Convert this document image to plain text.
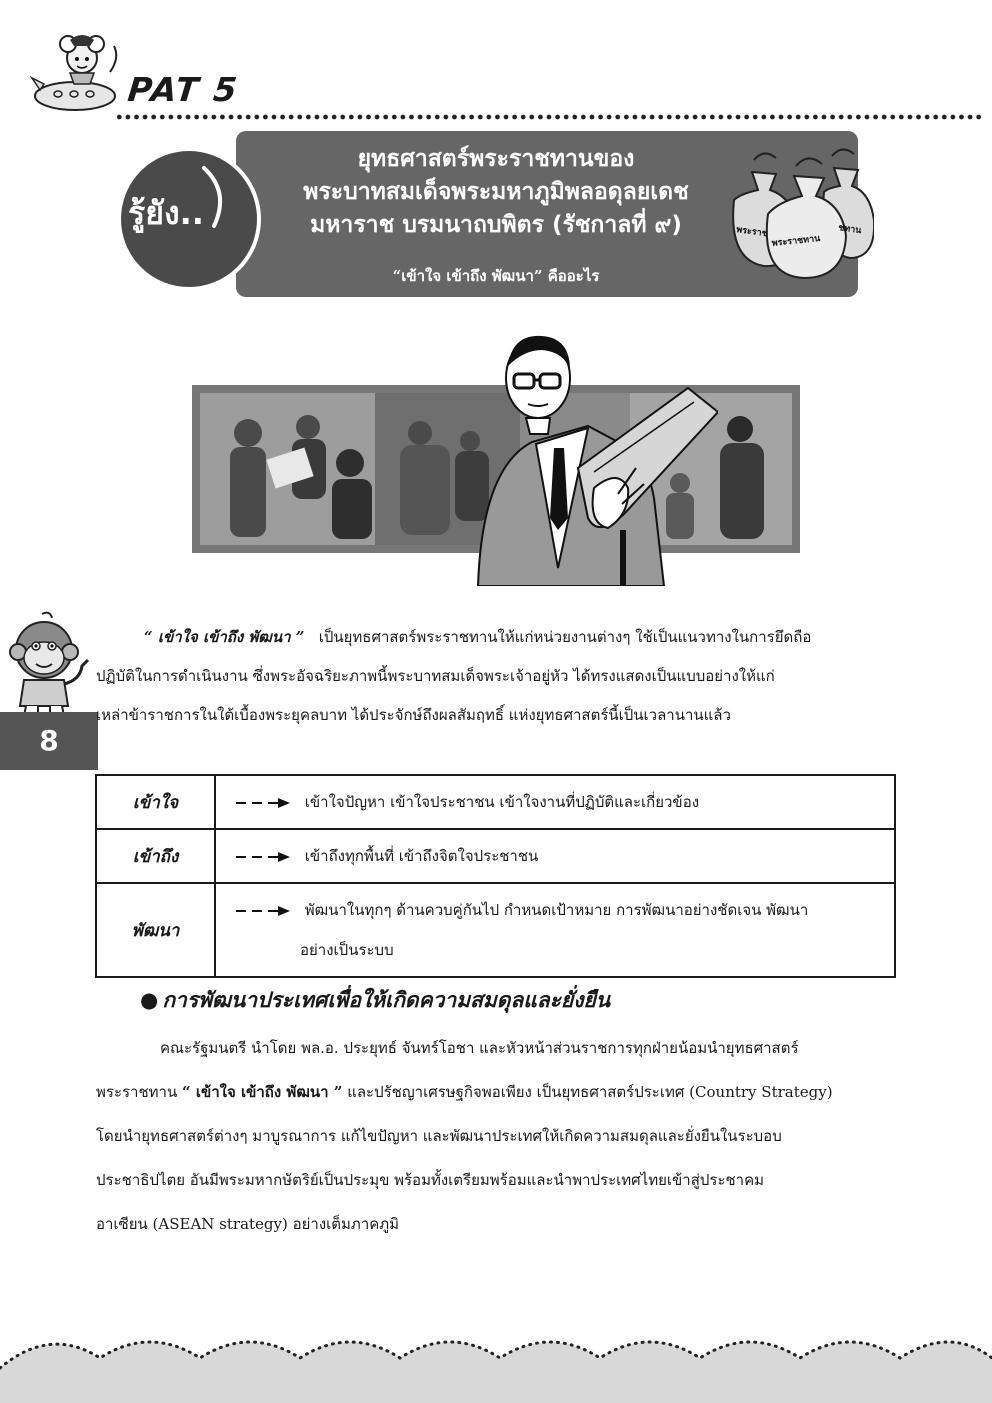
PAT 5
รู้ยัง..
ยุทธศาสตร์พระราชทานของ
พระบาทสมเด็จพระมหาภูมิพลอดุลยเดช
มหาราช บรมนาถบพิตร (รัชกาลที่ ๙)
“เข้าใจ เข้าถึง พัฒนา” คืออะไร
พระราช
พระราชทาน
ชทาน
8
“ เข้าใจ เข้าถึง พัฒนา ” เป็นยุทธศาสตร์พระราชทานให้แก่หน่วยงานต่างๆ ใช้เป็นแนวทางในการยึดถือ
ปฏิบัติในการดำเนินงาน ซึ่งพระอัจฉริยะภาพนี้พระบาทสมเด็จพระเจ้าอยู่หัว ได้ทรงแสดงเป็นแบบอย่างให้แก่
เหล่าข้าราชการในใต้เบื้องพระยุคลบาท ได้ประจักษ์ถึงผลสัมฤทธิ์ แห่งยุทธศาสตร์นี้เป็นเวลานานแล้ว
เข้าใจ	เข้าใจปัญหา เข้าใจประชาชน เข้าใจงานที่ปฏิบัติและเกี่ยวข้อง
เข้าถึง	เข้าถึงทุกพื้นที่ เข้าถึงจิตใจประชาชน
พัฒนา	พัฒนาในทุกๆ ด้านควบคู่กันไป กำหนดเป้าหมาย การพัฒนาอย่างชัดเจน พัฒนา
อย่างเป็นระบบ
● การพัฒนาประเทศเพื่อให้เกิดความสมดุลและยั่งยืน
คณะรัฐมนตรี นำโดย พล.อ. ประยุทธ์ จันทร์โอชา และหัวหน้าส่วนราชการทุกฝ่ายน้อมนำยุทธศาสตร์
พระราชทาน “ เข้าใจ เข้าถึง พัฒนา ” และปรัชญาเศรษฐกิจพอเพียง เป็นยุทธศาสตร์ประเทศ (Country Strategy)
โดยนำยุทธศาสตร์ต่างๆ มาบูรณาการ แก้ไขปัญหา และพัฒนาประเทศให้เกิดความสมดุลและยั่งยืนในระบอบ
ประชาธิปไตย อันมีพระมหากษัตริย์เป็นประมุข พร้อมทั้งเตรียมพร้อมและนำพาประเทศไทยเข้าสู่ประชาคม
อาเซียน (ASEAN strategy) อย่างเต็มภาคภูมิ
